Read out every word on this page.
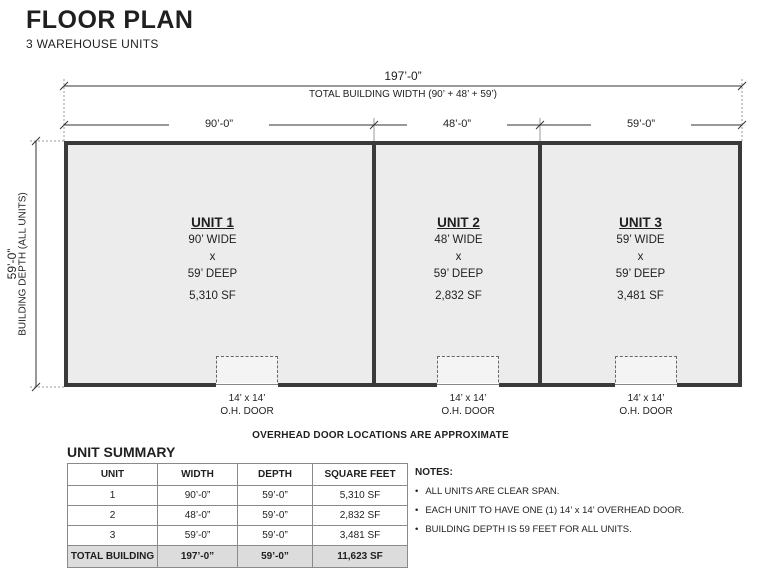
FLOOR PLAN
3 WAREHOUSE UNITS
197’-0”
TOTAL BUILDING WIDTH (90’ + 48’ + 59’)
90’-0”	48’-0”	59’-0”
59’-0”
BUILDING DEPTH (ALL UNITS)	UNIT 1
90’ WIDE
x
59’ DEEP
5,310 SF
UNIT 2
48’ WIDE
x
59’ DEEP
2,832 SF
UNIT 3
59’ WIDE
x
59’ DEEP
3,481 SF
14’ x 14’
O.H. DOOR
14’ x 14’
O.H. DOOR
14’ x 14’
O.H. DOOR
OVERHEAD DOOR LOCATIONS ARE APPROXIMATE
UNIT SUMMARY
UNIT	WIDTH	DEPTH	SQUARE FEET
1	90’-0”	59’-0”	5,310 SF
2	48’-0”	59’-0”	2,832 SF
3	59’-0”	59’-0”	3,481 SF
TOTAL BUILDING	197’-0”	59’-0”	11,623 SF
NOTES:
• ALL UNITS ARE CLEAR SPAN.
• EACH UNIT TO HAVE ONE (1) 14’ x 14’ OVERHEAD DOOR.
• BUILDING DEPTH IS 59 FEET FOR ALL UNITS.
